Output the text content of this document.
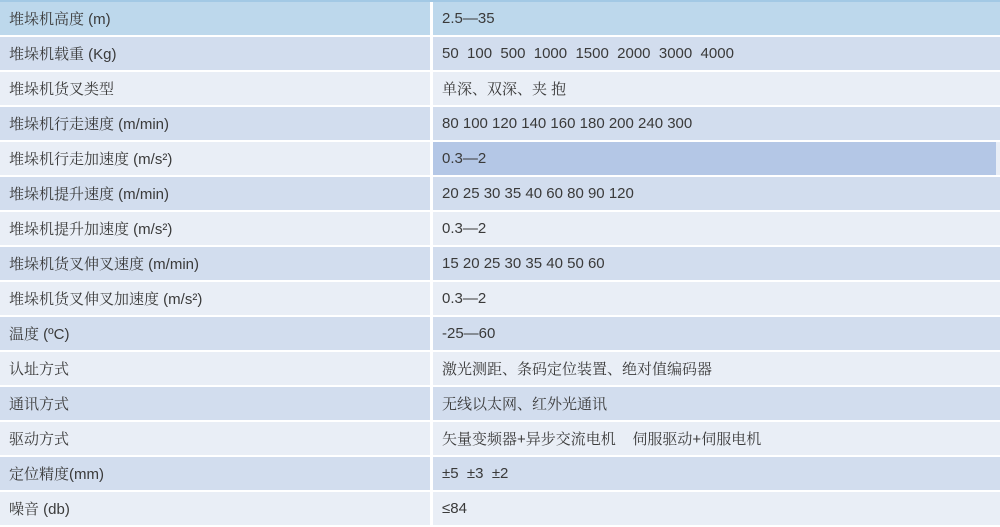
堆垛机高度 (m)	2.5—35
堆垛机载重 (Kg)	50  100  500  1000  1500  2000  3000  4000
堆垛机货叉类型	单深、双深、夹 抱
堆垛机行走速度 (m/min)	80 100 120 140 160 180 200 240 300
堆垛机行走加速度 (m/s²)	0.3—2
堆垛机提升速度 (m/min)	20 25 30 35 40 60 80 90 120
堆垛机提升加速度 (m/s²)	0.3—2
堆垛机货叉伸叉速度 (m/min)	15 20 25 30 35 40 50 60
堆垛机货叉伸叉加速度 (m/s²)	0.3—2
温度 (ºC)	-25—60
认址方式	激光测距、条码定位装置、绝对值编码器
通讯方式	无线以太网、红外光通讯
驱动方式	矢量变频器+异步交流电机    伺服驱动+伺服电机
定位精度(mm)	±5  ±3  ±2
噪音 (db)	≤84
